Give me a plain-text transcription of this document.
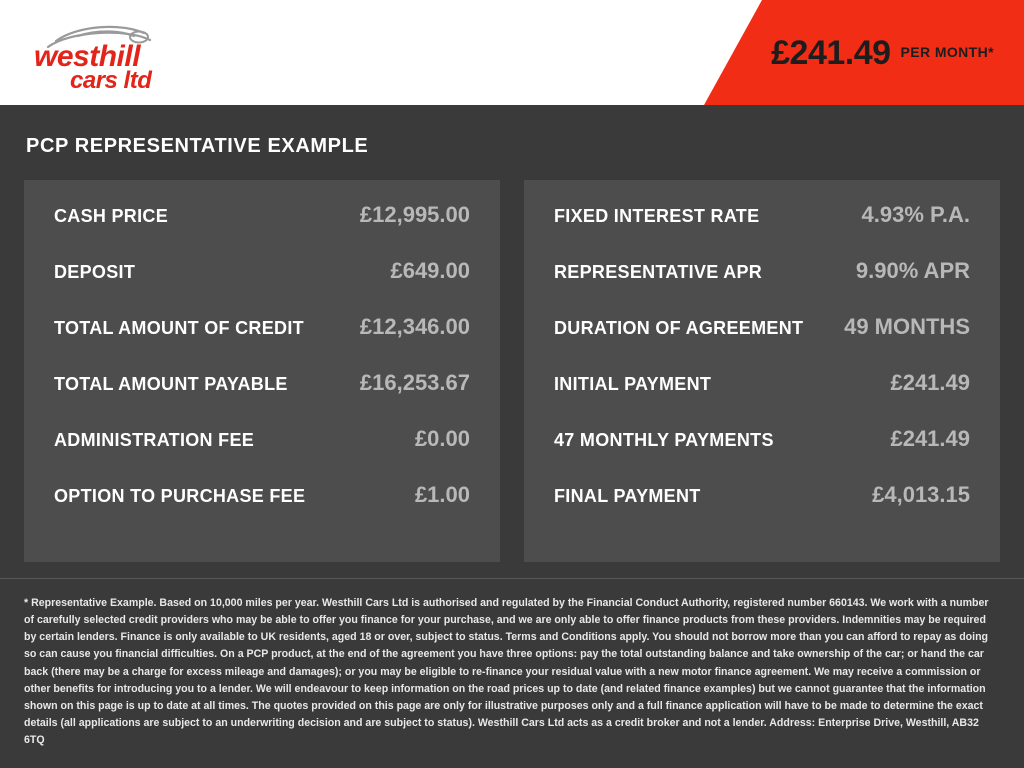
westhill
cars ltd
£241.49 PER MONTH*
PCP REPRESENTATIVE EXAMPLE
CASH PRICE	£12,995.00
DEPOSIT	£649.00
TOTAL AMOUNT OF CREDIT	£12,346.00
TOTAL AMOUNT PAYABLE	£16,253.67
ADMINISTRATION FEE	£0.00
OPTION TO PURCHASE FEE	£1.00
FIXED INTEREST RATE	4.93% P.A.
REPRESENTATIVE APR	9.90% APR
DURATION OF AGREEMENT 49 MONTHS
INITIAL PAYMENT	£241.49
47 MONTHLY PAYMENTS	£241.49
FINAL PAYMENT	£4,013.15
* Representative Example. Based on 10,000 miles per year. Westhill Cars Ltd is authorised and regulated by the Financial Conduct Authority, registered number 660143. We work with a number of carefully selected credit providers who may be able to offer you finance for your purchase, and we are only able to offer finance products from these providers. Indemnities may be required by certain lenders. Finance is only available to UK residents, aged 18 or over, subject to status. Terms and Conditions apply. You should not borrow more than you can afford to repay as doing so can cause you financial difficulties. On a PCP product, at the end of the agreement you have three options: pay the total outstanding balance and take ownership of the car; or hand the car back (there may be a charge for excess mileage and damages); or you may be eligible to re-finance your residual value with a new motor finance agreement. We may receive a commission or other benefits for introducing you to a lender. We will endeavour to keep information on the road prices up to date (and related finance examples) but we cannot guarantee that the information shown on this page is up to date at all times. The quotes provided on this page are only for illustrative purposes only and a full finance application will have to be made to determine the exact details (all applications are subject to an underwriting decision and are subject to status). Westhill Cars Ltd acts as a credit broker and not a lender. Address: Enterprise Drive, Westhill, AB32 6TQ
